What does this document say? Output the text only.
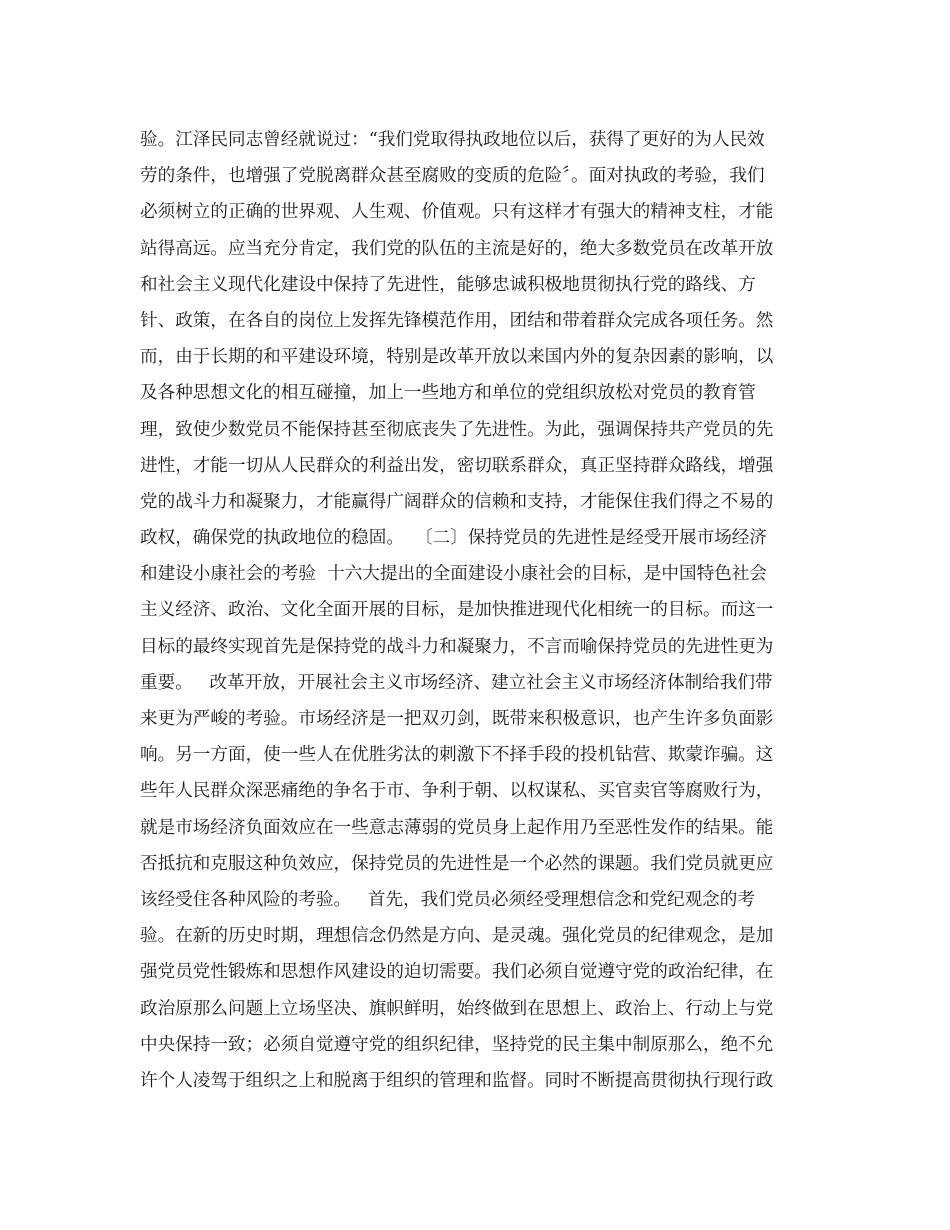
验。江泽民同志曾经就说过：“我们党取得执政地位以后，获得了更好的为人民效
劳的条件，也增强了党脱离群众甚至腐败的变质的危险〞。面对执政的考验，我们
必须树立的正确的世界观、人生观、价值观。只有这样才有强大的精神支柱，才能
站得高远。应当充分肯定，我们党的队伍的主流是好的，绝大多数党员在改革开放
和社会主义现代化建设中保持了先进性，能够忠诚积极地贯彻执行党的路线、方
针、政策，在各自的岗位上发挥先锋模范作用，团结和带着群众完成各项任务。然
而，由于长期的和平建设环境，特别是改革开放以来国内外的复杂因素的影响，以
及各种思想文化的相互碰撞，加上一些地方和单位的党组织放松对党员的教育管
理，致使少数党员不能保持甚至彻底丧失了先进性。为此，强调保持共产党员的先
进性，才能一切从人民群众的利益出发，密切联系群众，真正坚持群众路线，增强
党的战斗力和凝聚力，才能赢得广阔群众的信赖和支持，才能保住我们得之不易的
政权，确保党的执政地位的稳固。  〔二〕保持党员的先进性是经受开展市场经济
和建设小康社会的考验  十六大提出的全面建设小康社会的目标，是中国特色社会
主义经济、政治、文化全面开展的目标，是加快推进现代化相统一的目标。而这一
目标的最终实现首先是保持党的战斗力和凝聚力，不言而喻保持党员的先进性更为
重要。   改革开放，开展社会主义市场经济、建立社会主义市场经济体制给我们带
来更为严峻的考验。市场经济是一把双刃剑，既带来积极意识，也产生许多负面影
响。另一方面，使一些人在优胜劣汰的刺激下不择手段的投机钻营、欺蒙诈骗。这
些年人民群众深恶痛绝的争名于市、争利于朝、以权谋私、买官卖官等腐败行为，
就是市场经济负面效应在一些意志薄弱的党员身上起作用乃至恶性发作的结果。能
否抵抗和克服这种负效应，保持党员的先进性是一个必然的课题。我们党员就更应
该经受住各种风险的考验。   首先，我们党员必须经受理想信念和党纪观念的考
验。在新的历史时期，理想信念仍然是方向、是灵魂。强化党员的纪律观念，是加
强党员党性锻炼和思想作风建设的迫切需要。我们必须自觉遵守党的政治纪律，在
政治原那么问题上立场坚决、旗帜鲜明，始终做到在思想上、政治上、行动上与党
中央保持一致；必须自觉遵守党的组织纪律，坚持党的民主集中制原那么，绝不允
许个人凌驾于组织之上和脱离于组织的管理和监督。同时不断提高贯彻执行现行政
